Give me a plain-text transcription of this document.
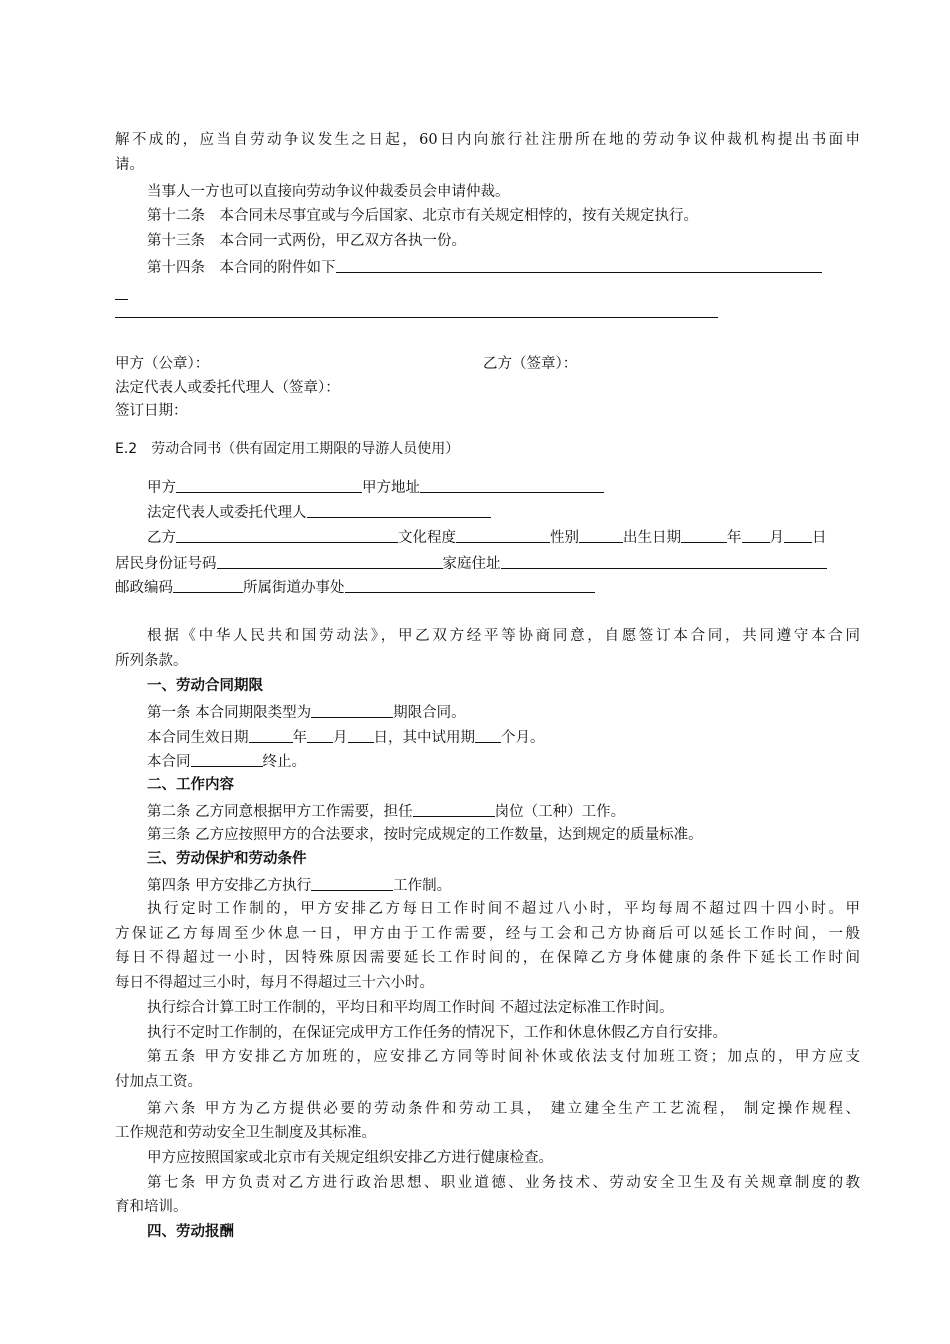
解不成的，应当自劳动争议发生之日起，60日内向旅行社注册所在地的劳动争议仲裁机构提出书面申
请。
当事人一方也可以直接向劳动争议仲裁委员会申请仲裁。
第十二条　本合同未尽事宜或与今后国家、北京市有关规定相悖的，按有关规定执行。
第十三条　本合同一式两份，甲乙双方各执一份。
第十四条　本合同的附件如下
甲方（公章）：	乙方（签章）：
法定代表人或委托代理人（签章）：
签订日期：
E.2　劳动合同书（供有固定用工期限的导游人员使用）
甲方	甲方地址
法定代表人或委托代理人
乙方	文化程度	性别	出生日期	年 月 日
居民身份证号码	家庭住址
邮政编码	所属街道办事处
根据《中华人民共和国劳动法》，甲乙双方经平等协商同意，自愿签订本合同，共同遵守本合同
所列条款。
一、劳动合同期限
第一条 本合同期限类型为	期限合同。
本合同生效日期	年 月 日，其中试用期 个月。
本合同	终止。
二、工作内容
第二条 乙方同意根据甲方工作需要，担任	岗位（工种）工作。
第三条 乙方应按照甲方的合法要求，按时完成规定的工作数量，达到规定的质量标准。
三、劳动保护和劳动条件
第四条 甲方安排乙方执行	工作制。
执行定时工作制的，甲方安排乙方每日工作时间不超过八小时，平均每周不超过四十四小时。甲
方保证乙方每周至少休息一日，甲方由于工作需要，经与工会和己方协商后可以延长工作时间，一般
每日不得超过一小时，因特殊原因需要延长工作时间的，在保障乙方身体健康的条件下延长工作时间
每日不得超过三小时，每月不得超过三十六小时。
执行综合计算工时工作制的，平均日和平均周工作时间 不超过法定标准工作时间。
执行不定时工作制的，在保证完成甲方工作任务的情况下，工作和休息休假乙方自行安排。
第五条 甲方安排乙方加班的，应安排乙方同等时间补休或依法支付加班工资；加点的，甲方应支
付加点工资。
第六条 甲方为乙方提供必要的劳动条件和劳动工具， 建立建全生产工艺流程， 制定操作规程、
工作规范和劳动安全卫生制度及其标准。
甲方应按照国家或北京市有关规定组织安排乙方进行健康检查。
第七条 甲方负责对乙方进行政治思想、职业道德、业务技术、劳动安全卫生及有关规章制度的教
育和培训。
四、劳动报酬
